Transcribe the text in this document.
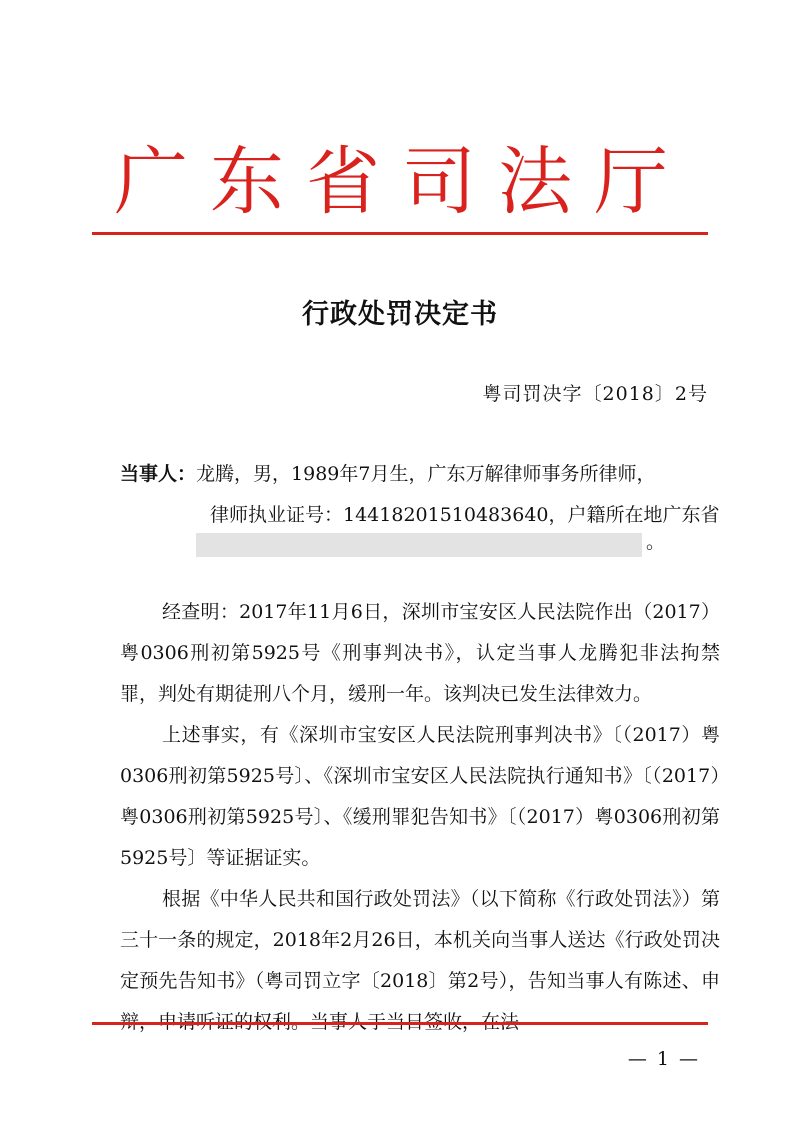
广东省司法厅
行政处罚决定书
粤司罚决字〔2018〕2号
当事人：龙腾，男，1989年7月生，广东万解律师事务所律师，
律师执业证号：14418201510483640，户籍所在地广东省
。

经查明：2017年11月6日，深圳市宝安区人民法院作出（2017）粤0306刑初第5925号《刑事判决书》，认定当事人龙腾犯非法拘禁罪，判处有期徒刑八个月，缓刑一年。该判决已发生法律效力。

上述事实，有《深圳市宝安区人民法院刑事判决书》〔（2017）粤0306刑初第5925号〕、《深圳市宝安区人民法院执行通知书》〔（2017）粤0306刑初第5925号〕、《缓刑罪犯告知书》〔（2017）粤0306刑初第5925号〕等证据证实。

根据《中华人民共和国行政处罚法》（以下简称《行政处罚法》）第三十一条的规定，2018年2月26日，本机关向当事人送达《行政处罚决定预先告知书》（粤司罚立字〔2018〕第2号），告知当事人有陈述、申

— 1 —
